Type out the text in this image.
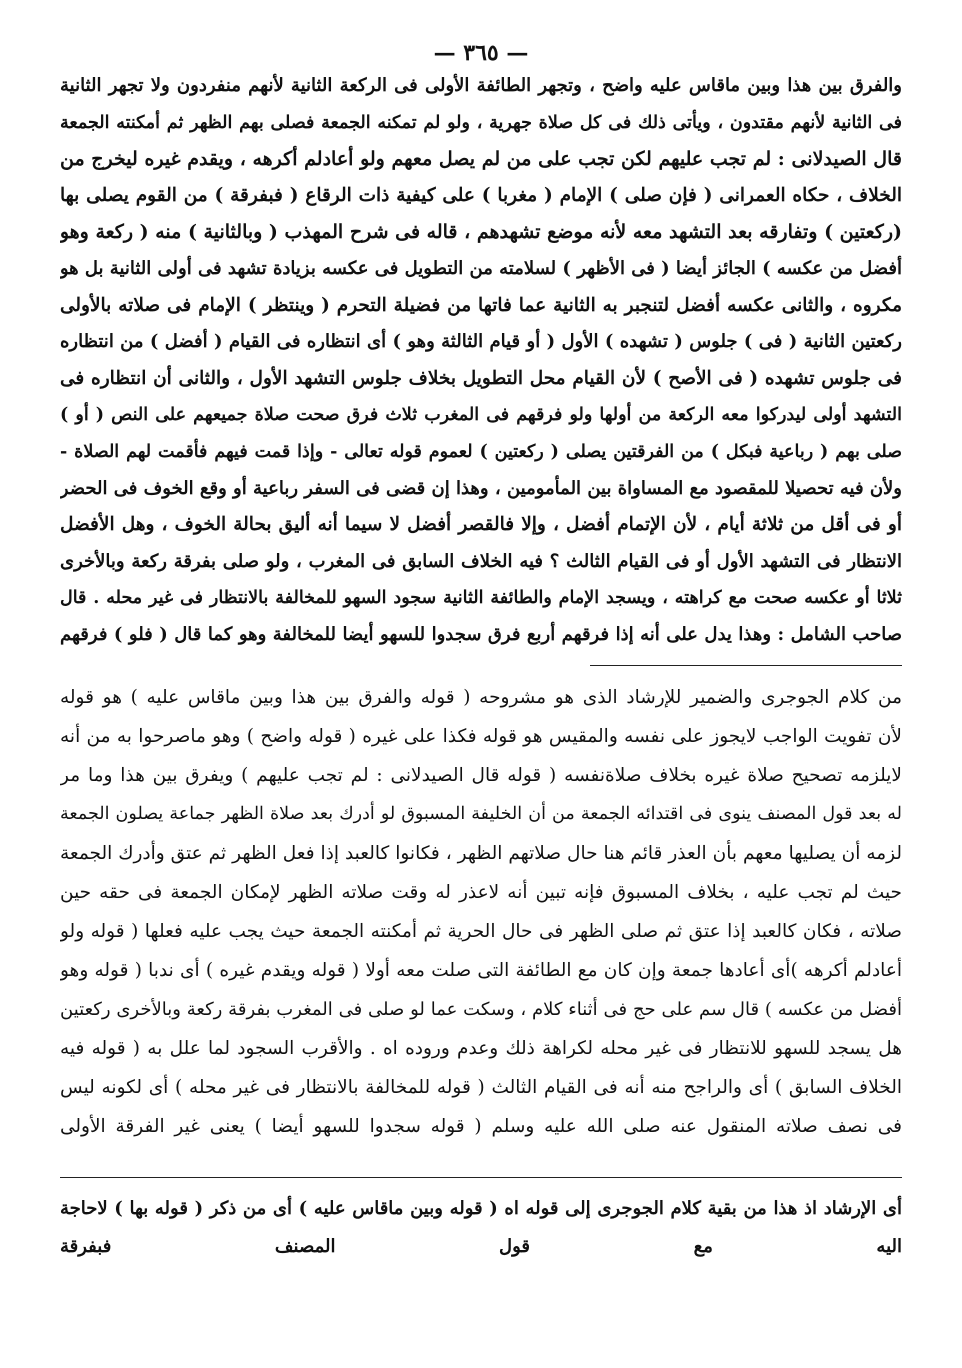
— ٣٦٥ —
والفرق بين هذا وبين ماقاس عليه واضح ، وتجهر الطائفة الأولى فى الركعة الثانية لأنهم منفردون ولا تجهر الثانية
فى الثانية لأنهم مقتدون ، ويأتى ذلك فى كل صلاة جهرية ، ولو لم تمكنه الجمعة فصلى بهم الظهر ثم أمكنته الجمعة
قال الصيدلانى : لم تجب عليهم لكن تجب على من لم يصل معهم ولو أعادلم أكرهه ، ويقدم غيره ليخرج من
الخلاف ، حكاه العمرانى ( فإن صلى ) الإمام ( مغربا ) على كيفية ذات الرقاع ( فبفرقة ) من القوم يصلى بها
(ركعتين ) وتفارقه بعد التشهد معه لأنه موضع تشهدهم ، قاله فى شرح المهذب ( وبالثانية ) منه ( ركعة وهو
أفضل من عكسه ) الجائز أيضا ( فى الأظهر ) لسلامته من التطويل فى عكسه بزيادة تشهد فى أولى الثانية بل هو
مكروه ، والثانى عكسه أفضل لتنجبر به الثانية عما فاتها من فضيلة التحرم ( وينتظر ) الإمام فى صلاته بالأولى
ركعتين الثانية ( فى ) جلوس ( تشهده ) الأول ( أو قيام الثالثة وهو ) أى انتظاره فى القيام ( أفضل ) من انتظاره
فى جلوس تشهده ( فى الأصح ) لأن القيام محل التطويل بخلاف جلوس التشهد الأول ، والثانى أن انتظاره فى
التشهد أولى ليدركوا معه الركعة من أولها ولو فرقهم فى المغرب ثلاث فرق صحت صلاة جميعهم على النص ( أو )
صلى بهم ( رباعية فبكل ) من الفرقتين يصلى ( ركعتين ) لعموم قوله تعالى - وإذا قمت فيهم فأقمت لهم الصلاة -
ولأن فيه تحصيلا للمقصود مع المساواة بين المأمومين ، وهذا إن قضى فى السفر رباعية أو وقع الخوف فى الحضر
أو فى أقل من ثلاثة أيام ، لأن الإتمام أفضل ، وإلا فالقصر أفضل لا سيما أنه أليق بحالة الخوف ، وهل الأفضل
الانتظار فى التشهد الأول أو فى القيام الثالث ؟ فيه الخلاف السابق فى المغرب ، ولو صلى بفرقة ركعة وبالأخرى
ثلاثا أو عكسه صحت مع كراهته ، ويسجد الإمام والطائفة الثانية سجود السهو للمخالفة بالانتظار فى غير محله . قال
صاحب الشامل : وهذا يدل على أنه إذا فرقهم أربع فرق سجدوا للسهو أيضا للمخالفة وهو كما قال ( فلو ) فرقهم
من كلام الجوجرى والضمير للإرشاد الذى هو مشروحه ( قوله والفرق بين هذا وبين ماقاس عليه ) هو قوله
لأن تفويت الواجب لايجوز على نفسه والمقيس هو قوله فكذا على غيره ( قوله واضح ) وهو ماصرحوا به من أنه
لايلزمه تصحيح صلاة غيره بخلاف صلاةنفسه ( قوله قال الصيدلانى : لم تجب عليهم ) ويفرق بين هذا وما مر
له بعد قول المصنف ينوى فى اقتدائه الجمعة من أن الخليفة المسبوق لو أدرك بعد صلاة الظهر جماعة يصلون الجمعة
لزمه أن يصليها معهم بأن العذر قائم هنا حال صلاتهم الظهر ، فكانوا كالعبد إذا فعل الظهر ثم عتق وأدرك الجمعة
حيث لم تجب عليه ، بخلاف المسبوق فإنه تبين أنه لاعذر له وقت صلاته الظهر لإمكان الجمعة فى حقه حين
صلاته ، فكان كالعبد إذا عتق ثم صلى الظهر فى حال الحرية ثم أمكنته الجمعة حيث يجب عليه فعلها ( قوله ولو
أعادلم أكرهه )أى أعادها جمعة وإن كان مع الطائفة التى صلت معه أولا ( قوله ويقدم غيره ) أى ندبا ( قوله وهو
أفضل من عكسه ) قال سم على حج فى أثناء كلام ، وسكت عما لو صلى فى المغرب بفرقة ركعة وبالأخرى ركعتين
هل يسجد للسهو للانتظار فى غير محله لكراهة ذلك وعدم وروده اه . والأقرب السجود لما علل به ( قوله فيه
الخلاف السابق ) أى والراجح منه أنه فى القيام الثالث ( قوله للمخالفة بالانتظار فى غير محله ) أى لكونه ليس
فى نصف صلاته المنقول عنه صلى الله عليه وسلم ( قوله سجدوا للسهو أيضا ) يعنى غير الفرقة الأولى
أى الإرشاد اذ هذا من بقية كلام الجوجرى إلى قوله اه ( قوله وبين ماقاس عليه ) أى من ذكر ( قوله بها ) لاحاجة
اليه مع قول المصنف فبفرقة
